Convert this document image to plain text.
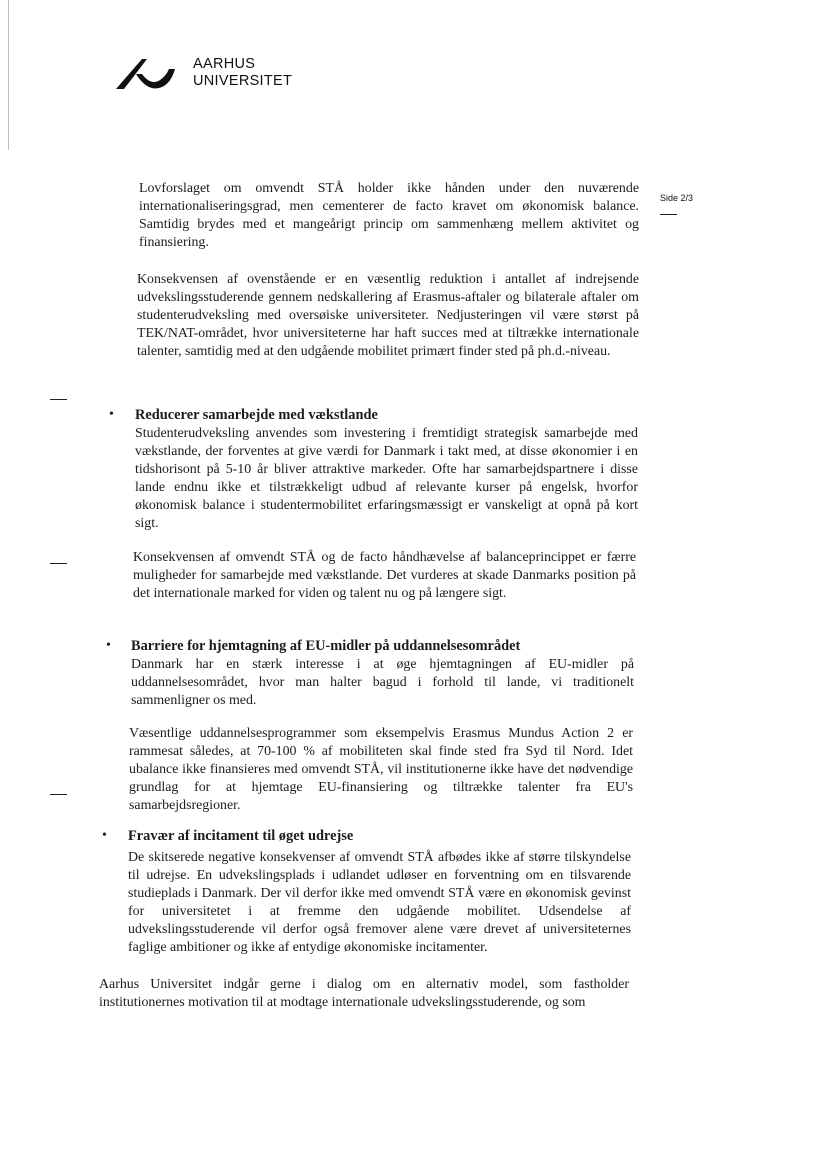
AARHUS
UNIVERSITET
Side 2/3

Lovforslaget om omvendt STÅ holder ikke hånden under den nuværende internationaliseringsgrad, men cementerer de facto kravet om økonomisk balance. Samtidig brydes med et mangeårigt princip om sammenhæng mellem aktivitet og finansiering.

Konsekvensen af ovenstående er en væsentlig reduktion i antallet af indrejsende udvekslingsstuderende gennem nedskallering af Erasmus-aftaler og bilaterale aftaler om studenterudveksling med oversøiske universiteter. Nedjusteringen vil være størst på TEK/NAT-området, hvor universiteterne har haft succes med at tiltrække internationale talenter, samtidig med at den udgående mobilitet primært finder sted på ph.d.-niveau.

• Reducerer samarbejde med vækstlande

Studenterudveksling anvendes som investering i fremtidigt strategisk samarbejde med vækstlande, der forventes at give værdi for Danmark i takt med, at disse økonomier i en tidshorisont på 5-10 år bliver attraktive markeder. Ofte har samarbejdspartnere i disse lande endnu ikke et tilstrækkeligt udbud af relevante kurser på engelsk, hvorfor økonomisk balance i studentermobilitet erfaringsmæssigt er vanskeligt at opnå på kort sigt.

Konsekvensen af omvendt STÅ og de facto håndhævelse af balanceprincippet er færre muligheder for samarbejde med vækstlande. Det vurderes at skade Danmarks position på det internationale marked for viden og talent nu og på længere sigt.

• Barriere for hjemtagning af EU-midler på uddannelsesområdet

Danmark har en stærk interesse i at øge hjemtagningen af EU-midler på uddannelsesområdet, hvor man halter bagud i forhold til lande, vi traditionelt sammenligner os med.

Væsentlige uddannelsesprogrammer som eksempelvis Erasmus Mundus Action 2 er rammesat således, at 70-100 % af mobiliteten skal finde sted fra Syd til Nord. Idet ubalance ikke finansieres med omvendt STÅ, vil institutionerne ikke have det nødvendige grundlag for at hjemtage EU-finansiering og tiltrække talenter fra EU's samarbejdsregioner.

• Fravær af incitament til øget udrejse

De skitserede negative konsekvenser af omvendt STÅ afbødes ikke af større tilskyndelse til udrejse. En udvekslingsplads i udlandet udløser en forventning om en tilsvarende studieplads i Danmark. Der vil derfor ikke med omvendt STÅ være en økonomisk gevinst for universitetet i at fremme den udgående mobilitet. Udsendelse af udvekslingsstuderende vil derfor også fremover alene være drevet af universiteternes faglige ambitioner og ikke af entydige økonomiske incitamenter.

Aarhus Universitet indgår gerne i dialog om en alternativ model, som fastholder institutionernes motivation til at modtage internationale udvekslingsstuderende, og som
